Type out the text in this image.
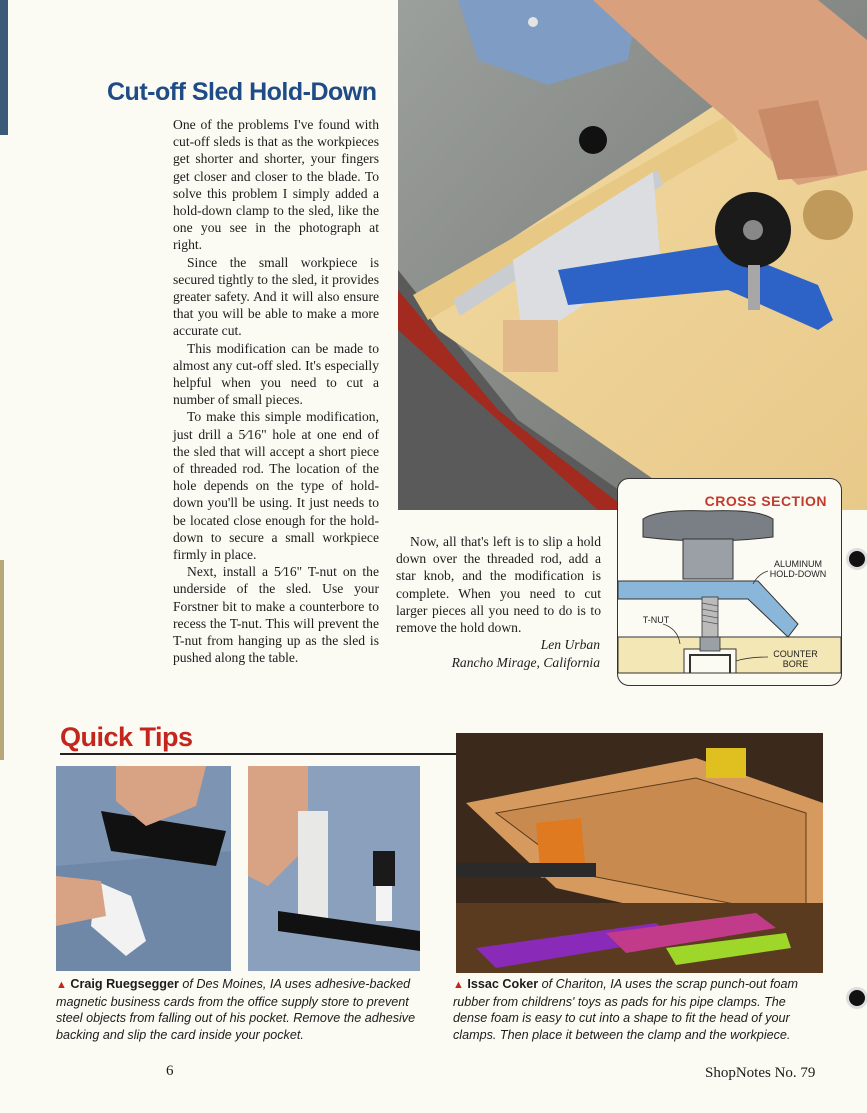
Cut-off Sled Hold-Down

One of the problems I've found with cut-off sleds is that as the workpieces get shorter and shorter, your fingers get closer and closer to the blade. To solve this problem I simply added a hold-down clamp to the sled, like the one you see in the photograph at right.

Since the small workpiece is secured tightly to the sled, it provides greater safety. And it will also ensure that you will be able to make a more accurate cut.

This modification can be made to almost any cut-off sled. It's especially helpful when you need to cut a number of small pieces.

To make this simple modification, just drill a 5⁄16" hole at one end of the sled that will accept a short piece of threaded rod. The location of the hole depends on the type of hold-down you'll be using. It just needs to be located close enough for the hold-down to secure a small workpiece firmly in place.

Next, install a 5⁄16" T-nut on the underside of the sled. Use your Forstner bit to make a counterbore to recess the T-nut. This will prevent the T-nut from hanging up as the sled is pushed along the table.

Now, all that's left is to slip a hold down over the threaded rod, add a star knob, and the modification is complete. When you need to cut larger pieces all you need to do is to remove the hold down.

Len Urban
Rancho Mirage, California
CROSS SECTION
ALUMINUM HOLD-DOWN
T-NUT
COUNTER BORE
Quick Tips
▲ Craig Ruegsegger of Des Moines, IA uses adhesive-backed magnetic business cards from the office supply store to prevent steel objects from falling out of his pocket. Remove the adhesive backing and slip the card inside your pocket.
▲ Issac Coker of Chariton, IA uses the scrap punch-out foam rubber from childrens' toys as pads for his pipe clamps. The dense foam is easy to cut into a shape to fit the head of your clamps. Then place it between the clamp and the workpiece.
6	ShopNotes No. 79
